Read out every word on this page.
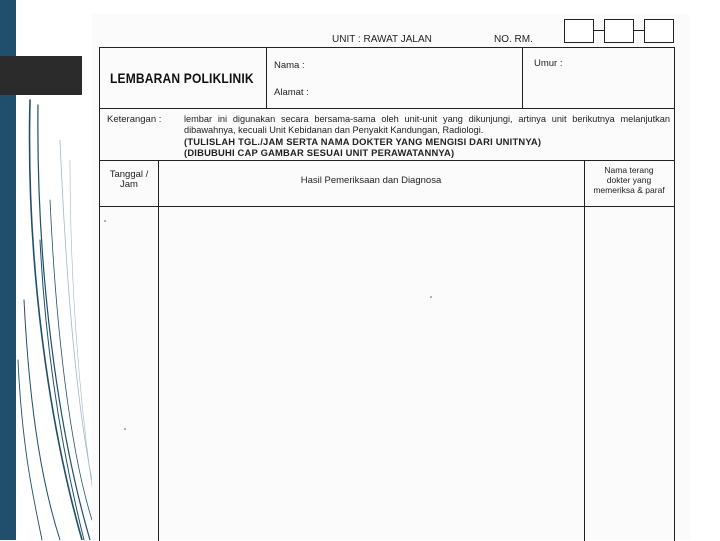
UNIT : RAWAT JALAN	NO. RM.
LEMBARAN POLIKLINIK
Nama :
Alamat :
Umur :
Keterangan : lembar ini digunakan secara bersama-sama oleh unit-unit yang dikunjungi, artinya unit berikutnya melanjutkan dibawahnya, kecuali Unit Kebidanan dan Penyakit Kandungan, Radiologi.
(TULISLAH TGL./JAM SERTA NAMA DOKTER YANG MENGISI DARI UNITNYA)
(DIBUBUHI CAP GAMBAR SESUAI UNIT PERAWATANNYA)
Tanggal /
Jam	Hasil Pemeriksaan dan Diagnosa
Nama terang
dokter yang
memeriksa & paraf
